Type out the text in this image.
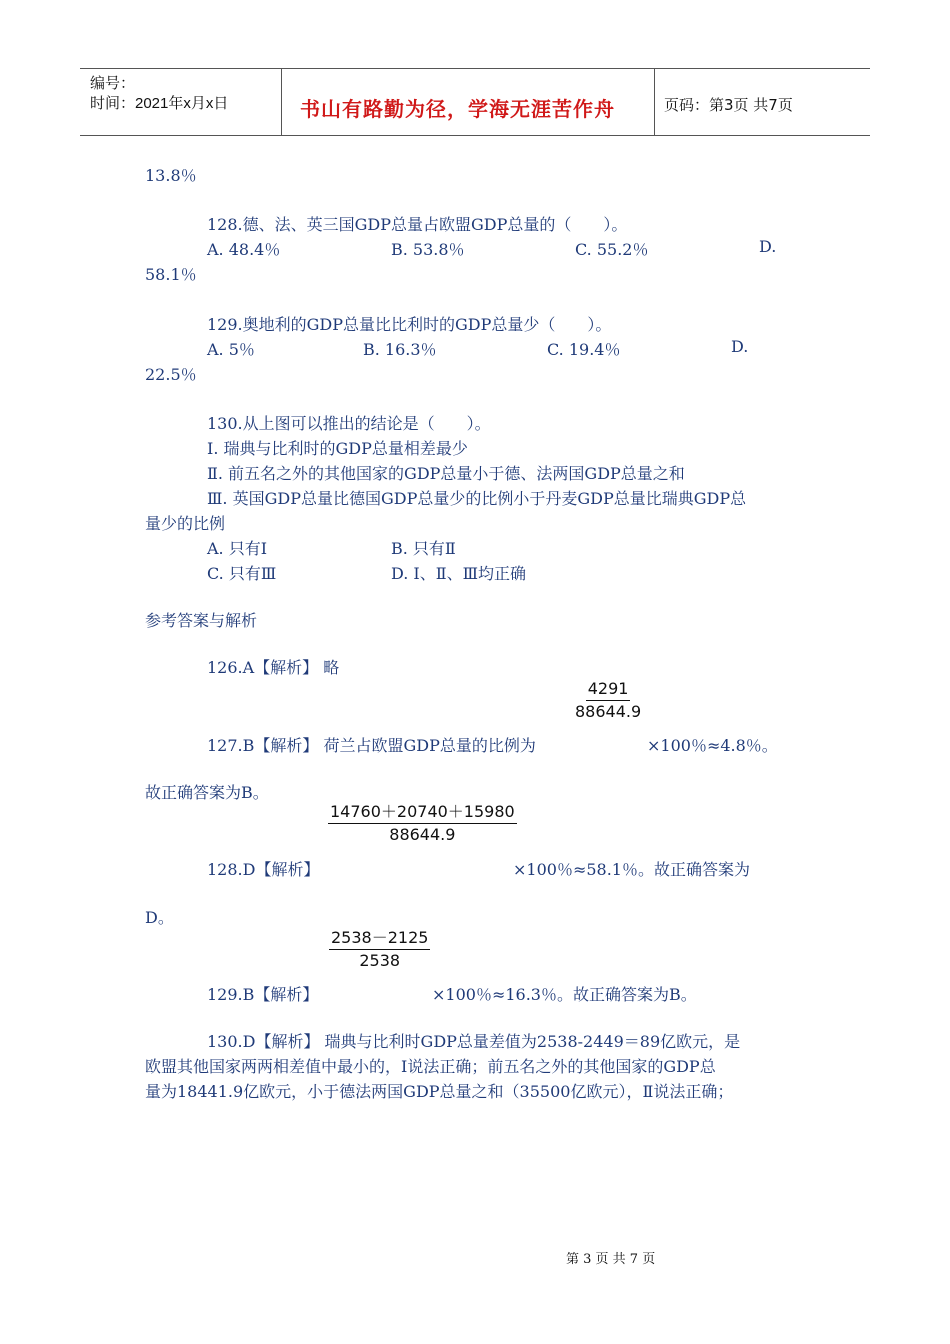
编号：
时间：2021年x月x日	书山有路勤为径，学海无涯苦作舟	页码：第3页 共7页
13.8％
128.德、法、英三国GDP总量占欧盟GDP总量的（　　）。
A. 48.4％	B. 53.8％	C. 55.2％	D.
58.1％
129.奥地利的GDP总量比比利时的GDP总量少（　　）。
A. 5％	B. 16.3％	C. 19.4％	D.
22.5％
130.从上图可以推出的结论是（　　）。
Ⅰ. 瑞典与比利时的GDP总量相差最少
Ⅱ. 前五名之外的其他国家的GDP总量小于德、法两国GDP总量之和
Ⅲ. 英国GDP总量比德国GDP总量少的比例小于丹麦GDP总量比瑞典GDP总
量少的比例
A. 只有Ⅰ	B. 只有Ⅱ
C. 只有Ⅲ	D. Ⅰ、Ⅱ、Ⅲ均正确
参考答案与解析
126.A【解析】 略
$\frac{4291}{88644.9}$
127.B【解析】 荷兰占欧盟GDP总量的比例为	×100％≈4.8％。
故正确答案为B。
$\frac{14760+20740+15980}{88644.9}$
128.D【解析】	×100％≈58.1％。故正确答案为
D。
$\frac{2538-2125}{2538}$
129.B【解析】	×100％≈16.3％。故正确答案为B。
130.D【解析】 瑞典与比利时GDP总量差值为2538-2449＝89亿欧元，是
欧盟其他国家两两相差值中最小的，Ⅰ说法正确；前五名之外的其他国家的GDP总
量为18441.9亿欧元，小于德法两国GDP总量之和（35500亿欧元），Ⅱ说法正确；
第 3 页 共 7 页
